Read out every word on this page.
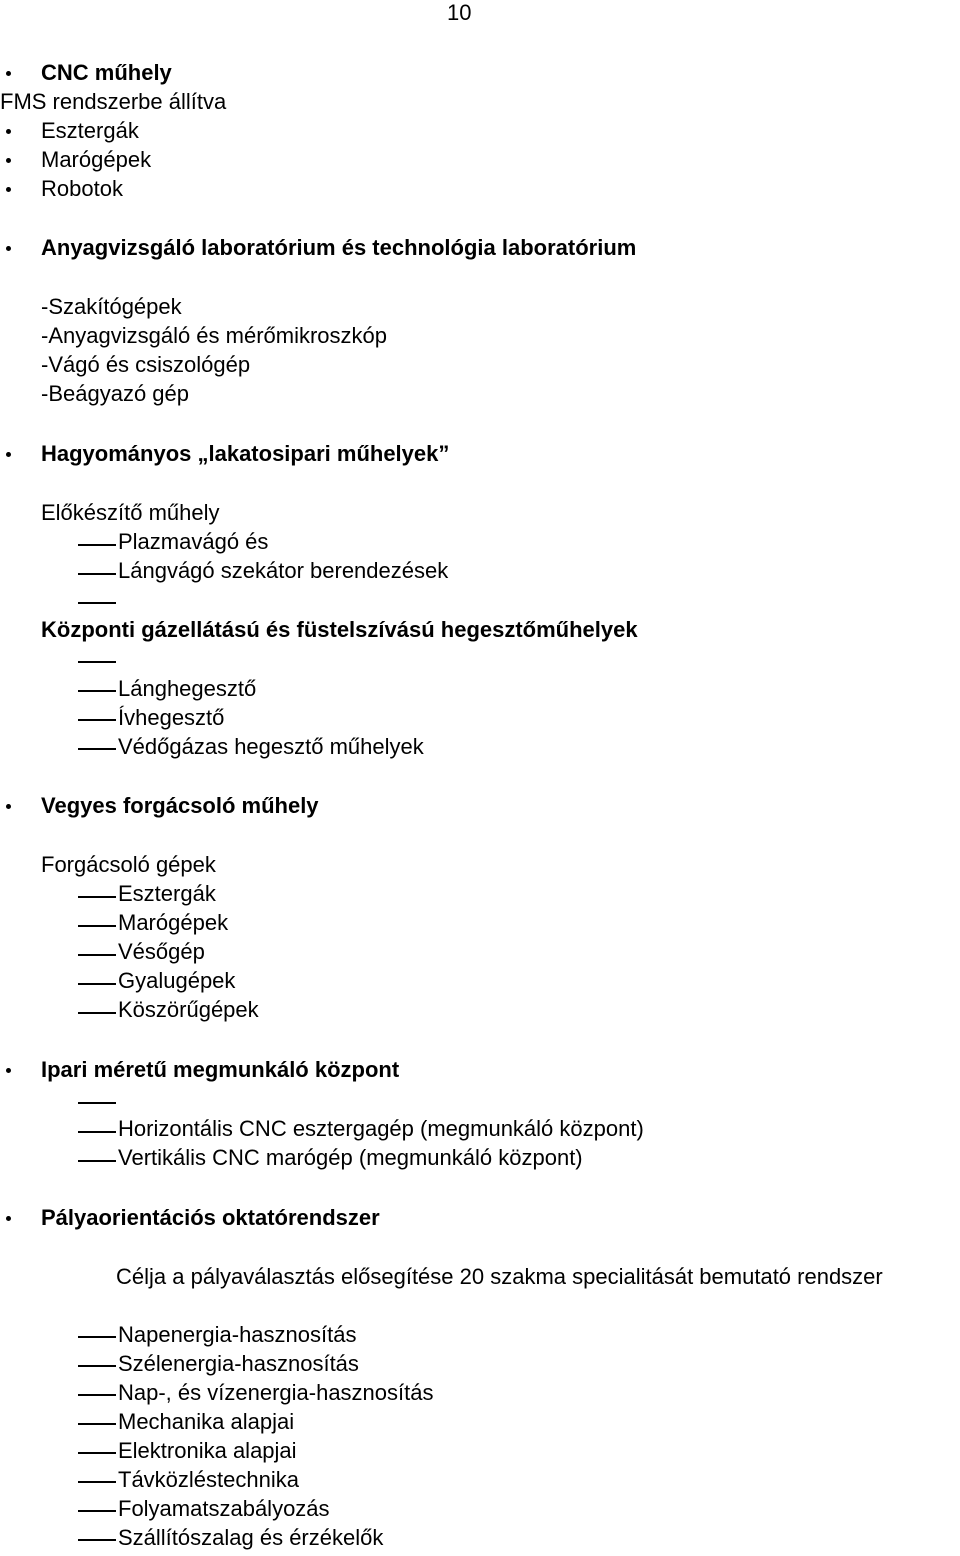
10
CNC műhely
FMS rendszerbe állítva
Esztergák
Marógépek
Robotok
Anyagvizsgáló laboratórium és technológia laboratórium
-Szakítógépek
-Anyagvizsgáló és mérőmikroszkóp
-Vágó és csiszológép
-Beágyazó gép
Hagyományos „lakatosipari műhelyek”
Előkészítő műhely
Plazmavágó és
Lángvágó szekátor berendezések
Központi gázellátású és füstelszívású hegesztőműhelyek
Lánghegesztő
Ívhegesztő
Védőgázas hegesztő műhelyek
Vegyes forgácsoló műhely
Forgácsoló gépek
Esztergák
Marógépek
Vésőgép
Gyalugépek
Köszörűgépek
Ipari méretű megmunkáló központ
Horizontális CNC esztergagép (megmunkáló központ)
Vertikális CNC marógép (megmunkáló központ)
Pályaorientációs oktatórendszer
Célja a pályaválasztás elősegítése 20 szakma specialitását bemutató rendszer
Napenergia-hasznosítás
Szélenergia-hasznosítás
Nap-, és vízenergia-hasznosítás
Mechanika alapjai
Elektronika alapjai
Távközléstechnika
Folyamatszabályozás
Szállítószalag és érzékelők
